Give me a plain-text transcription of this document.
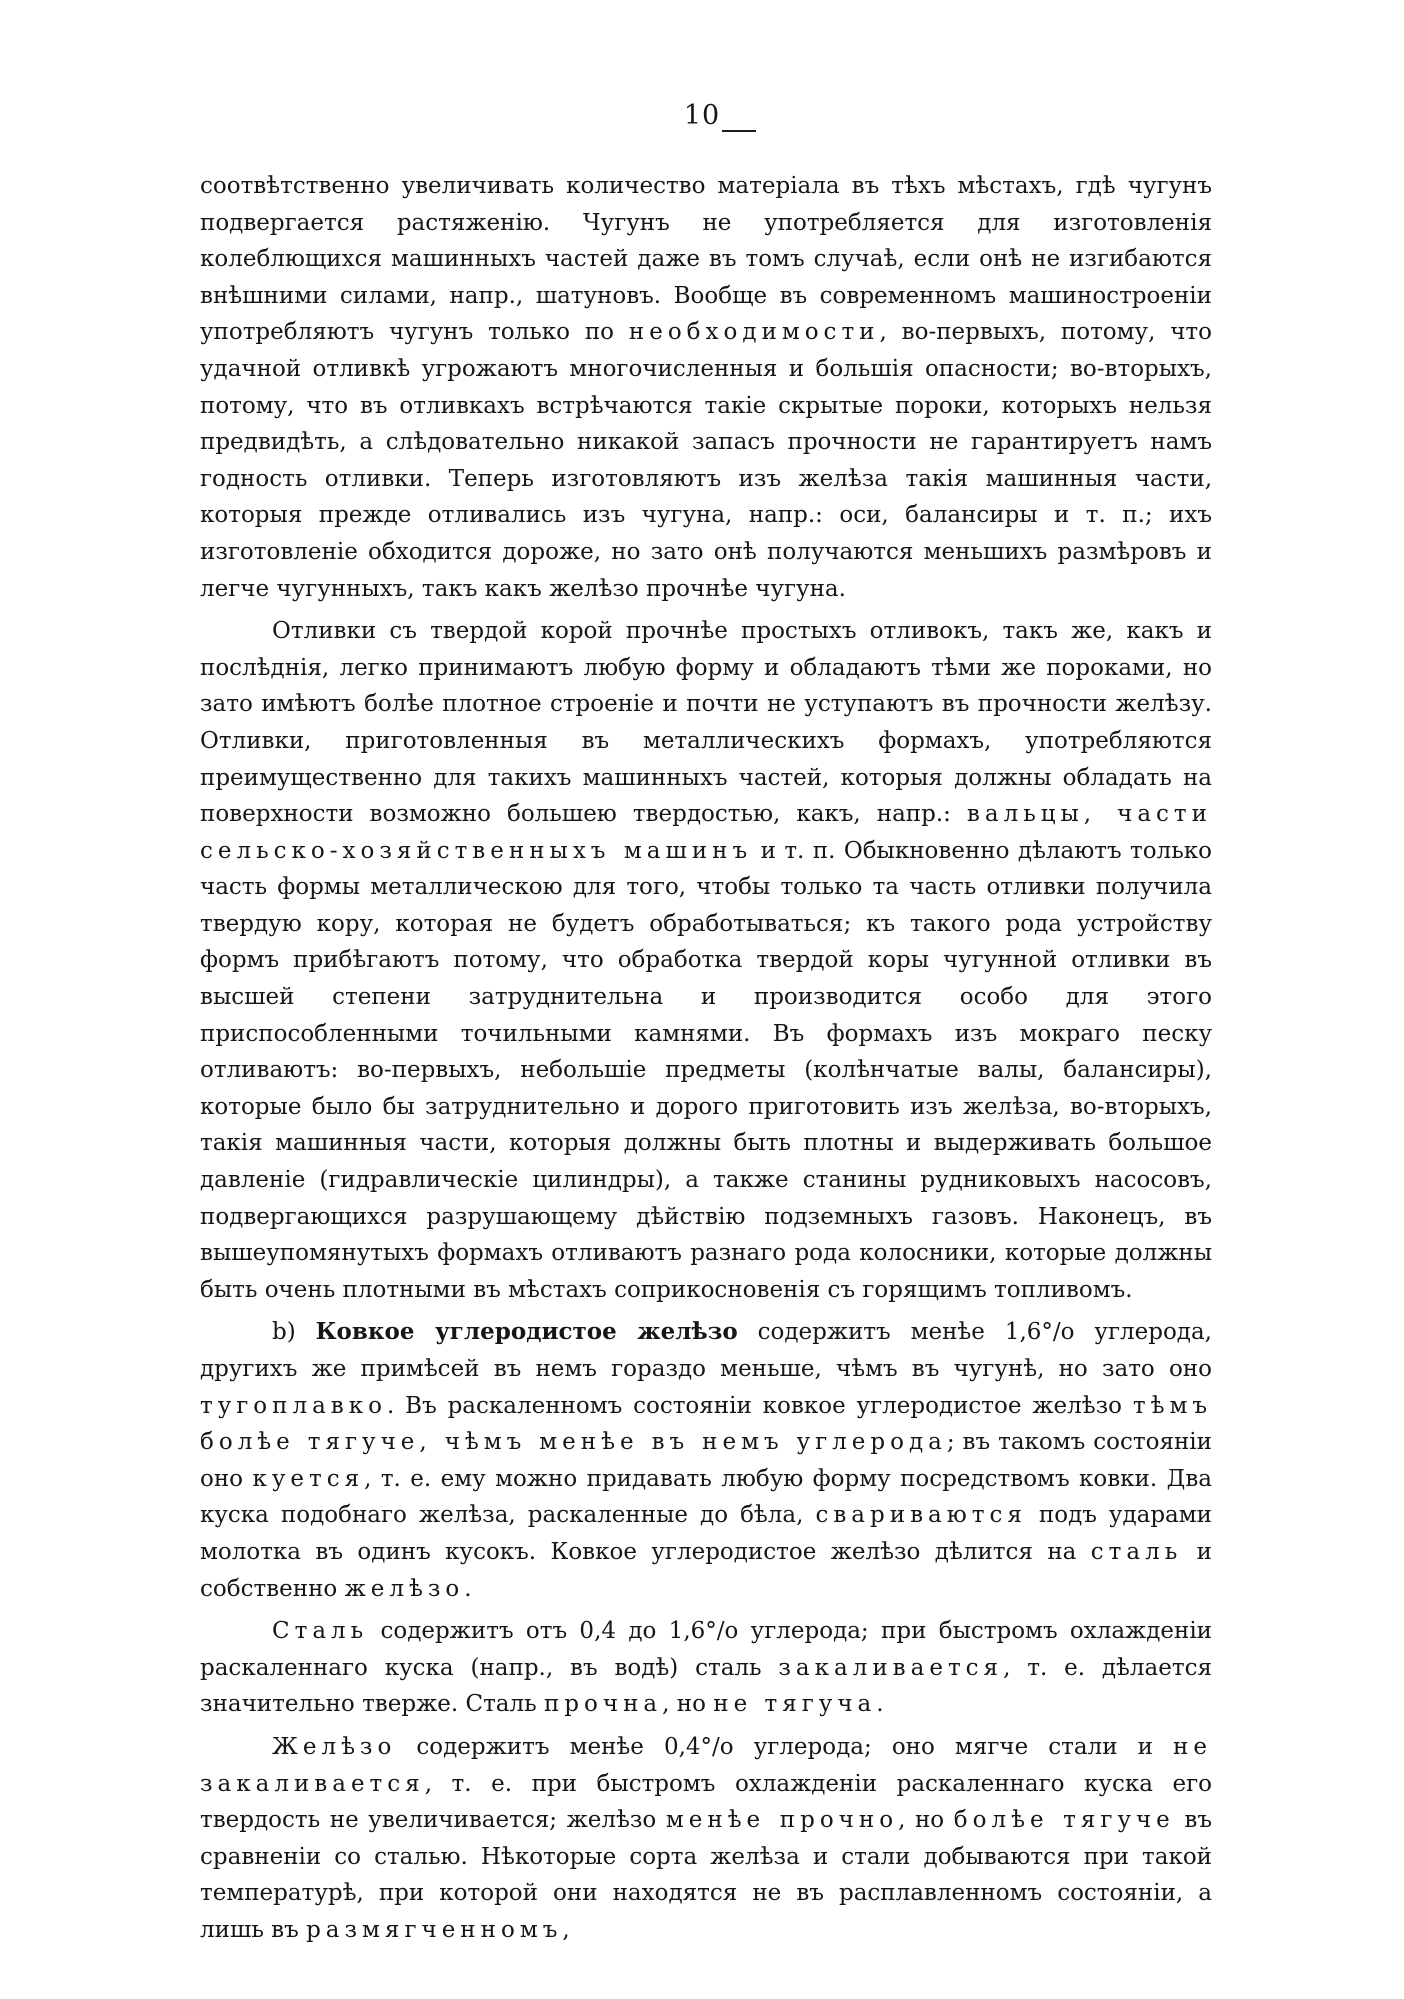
10

соотвѣтственно увеличивать количество матеріала въ тѣхъ мѣстахъ, гдѣ чугунъ подвергается растяженію. Чугунъ не употребляется для изготовленія колеблющихся машинныхъ частей даже въ томъ случаѣ, если онѣ не изгибаются внѣшними силами, напр., шатуновъ. Вообще въ современномъ машиностроеніи употребляютъ чугунъ только по необходимости, во-первыхъ, потому, что удачной отливкѣ угрожаютъ многочисленныя и большія опасности; во-вторыхъ, потому, что въ отливкахъ встрѣчаются такіе скрытые пороки, которыхъ нельзя предвидѣть, а слѣдовательно никакой запасъ прочности не гарантируетъ намъ годность отливки. Теперь изготовляютъ изъ желѣза такія машинныя части, которыя прежде отливались изъ чугуна, напр.: оси, балансиры и т. п.; ихъ изготовленіе обходится дороже, но зато онѣ получаются меньшихъ размѣровъ и легче чугунныхъ, такъ какъ желѣзо прочнѣе чугуна.

Отливки съ твердой корой прочнѣе простыхъ отливокъ, такъ же, какъ и послѣднія, легко принимаютъ любую форму и обладаютъ тѣми же пороками, но зато имѣютъ болѣе плотное строеніе и почти не уступаютъ въ прочности желѣзу. Отливки, приготовленныя въ металлическихъ формахъ, употребляются преимущественно для такихъ машинныхъ частей, которыя должны обладать на поверхности возможно большею твердостью, какъ, напр.: вальцы, части сельско-хозяйственныхъ машинъ и т. п. Обыкновенно дѣлаютъ только часть формы металлическою для того, чтобы только та часть отливки получила твердую кору, которая не будетъ обработываться; къ такого рода устройству формъ прибѣгаютъ потому, что обработка твердой коры чугунной отливки въ высшей степени затруднительна и производится особо для этого приспособленными точильными камнями. Въ формахъ изъ мокраго песку отливаютъ: во-первыхъ, небольшіе предметы (колѣнчатые валы, балансиры), которые было бы затруднительно и дорого приготовить изъ желѣза, во-вторыхъ, такія машинныя части, которыя должны быть плотны и выдерживать большое давленіе (гидравлическіе цилиндры), а также станины рудниковыхъ насосовъ, подвергающихся разрушающему дѣйствію подземныхъ газовъ. Наконецъ, въ вышеупомянутыхъ формахъ отливаютъ разнаго рода колосники, которые должны быть очень плотными въ мѣстахъ соприкосновенія съ горящимъ топливомъ.

b) Ковкое углеродистое желѣзо содержитъ менѣе 1,6°/o углерода, другихъ же примѣсей въ немъ гораздо меньше, чѣмъ въ чугунѣ, но зато оно тугоплавко. Въ раскаленномъ состояніи ковкое углеродистое желѣзо тѣмъ болѣе тягуче, чѣмъ менѣе въ немъ углерода; въ такомъ состояніи оно куется, т. е. ему можно придавать любую форму посредствомъ ковки. Два куска подобнаго желѣза, раскаленные до бѣла, свариваются подъ ударами молотка въ одинъ кусокъ. Ковкое углеродистое желѣзо дѣлится на сталь и собственно желѣзо.

Сталь содержитъ отъ 0,4 до 1,6°/o углерода; при быстромъ охлажденіи раскаленнаго куска (напр., въ водѣ) сталь закаливается, т. е. дѣлается значительно тверже. Сталь прочна, но не тягуча.

Желѣзо содержитъ менѣе 0,4°/o углерода; оно мягче стали и не закаливается, т. е. при быстромъ охлажденіи раскаленнаго куска его твердость не увеличивается; желѣзо менѣе прочно, но болѣе тягуче въ сравненіи со сталью. Нѣкоторые сорта желѣза и стали добываются при такой температурѣ, при которой они находятся не въ расплавленномъ состояніи, а лишь въ размягченномъ,
